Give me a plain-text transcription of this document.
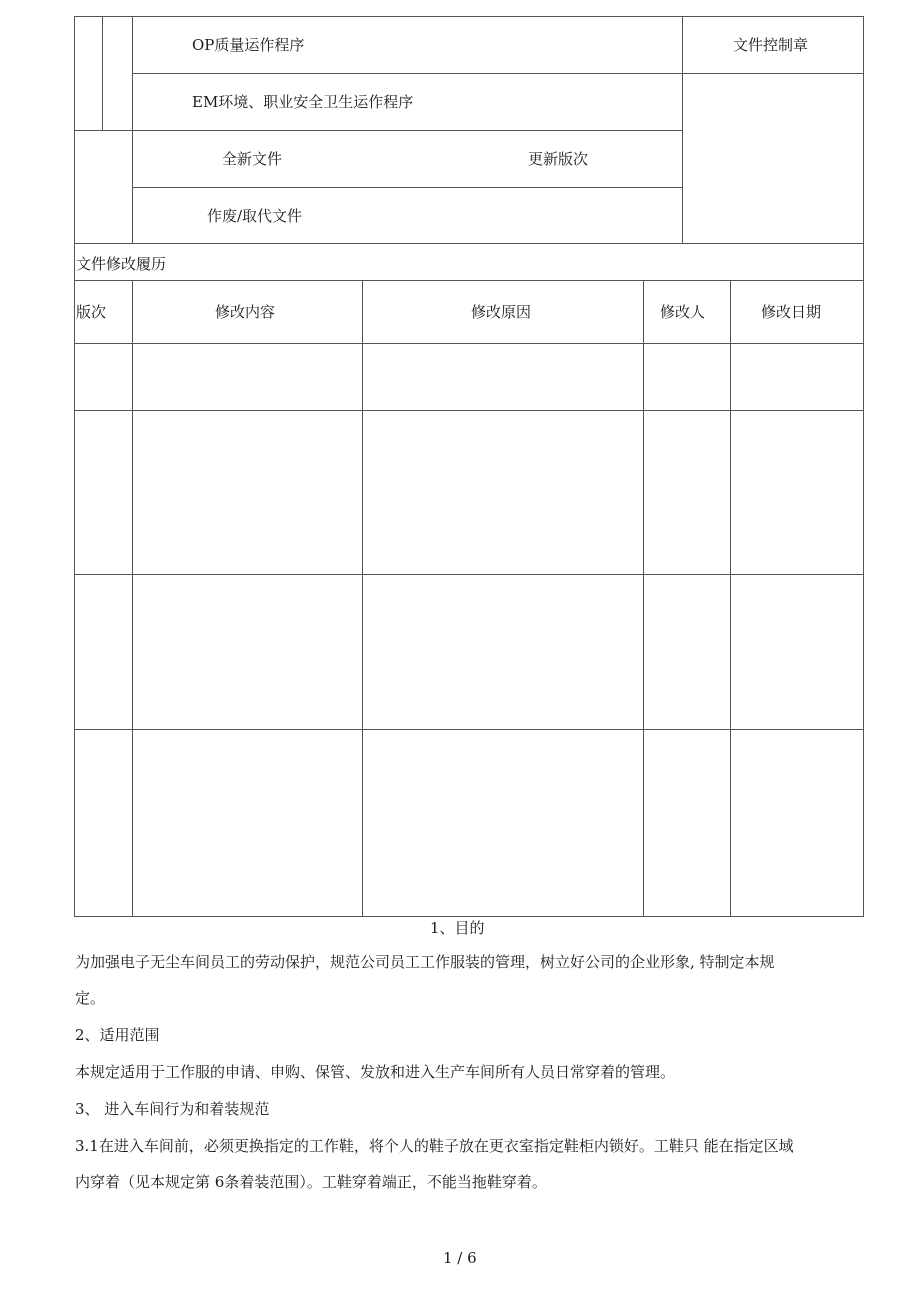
OP质量运作程序	文件控制章
EM环境、职业安全卫生运作程序
全新文件	更新版次
作废/取代文件
文件修改履历
版次	修改内容	修改原因	修改人	修改日期
1、目的
为加强电子无尘车间员工的劳动保护，规范公司员工工作服装的管理，树立好公司的企业形象, 特制定本规
定。
2、适用范围
本规定适用于工作服的申请、申购、保管、发放和进入生产车间所有人员日常穿着的管理。
3、 进入车间行为和着装规范
3.1在进入车间前，必须更换指定的工作鞋，将个人的鞋子放在更衣室指定鞋柜内锁好。工鞋只 能在指定区域
内穿着（见本规定第 6条着装范围）。工鞋穿着端正，不能当拖鞋穿着。
1 / 6
